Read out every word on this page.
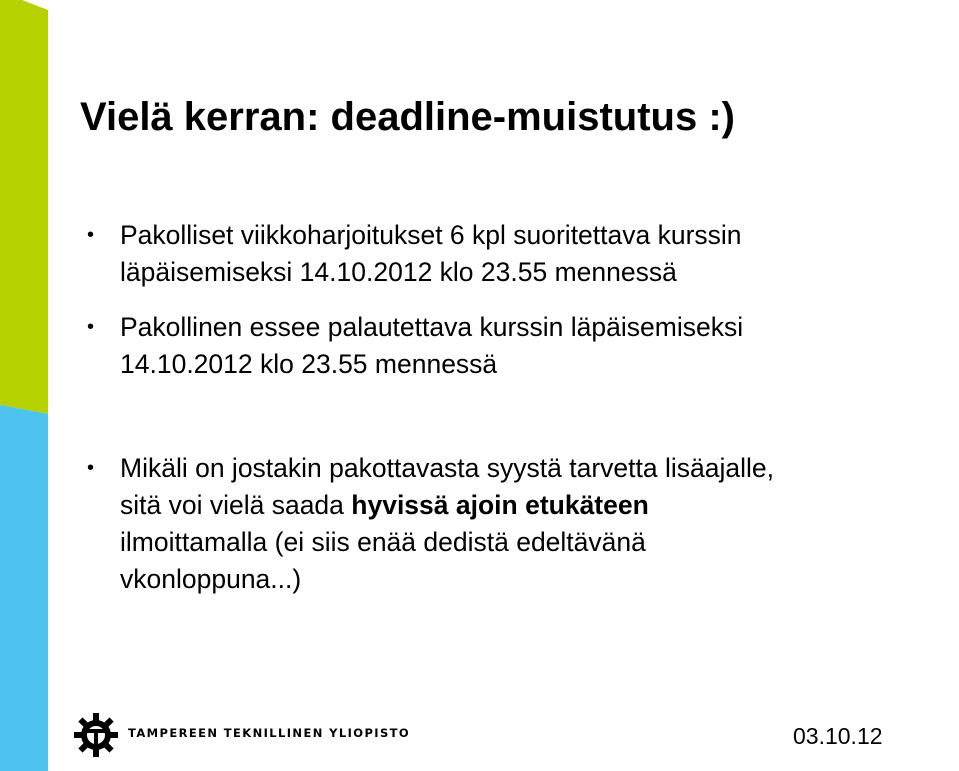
Vielä kerran: deadline-muistutus :)
• Pakolliset viikkoharjoitukset 6 kpl suoritettava kurssin
läpäisemiseksi 14.10.2012 klo 23.55 mennessä
• Pakollinen essee palautettava kurssin läpäisemiseksi
14.10.2012 klo 23.55 mennessä
• Mikäli on jostakin pakottavasta syystä tarvetta lisäajalle,
sitä voi vielä saada hyvissä ajoin etukäteen
ilmoittamalla (ei siis enää dedistä edeltävänä
vkonloppuna...)
TAMPEREEN TEKNILLINEN YLIOPISTO	03.10.12
